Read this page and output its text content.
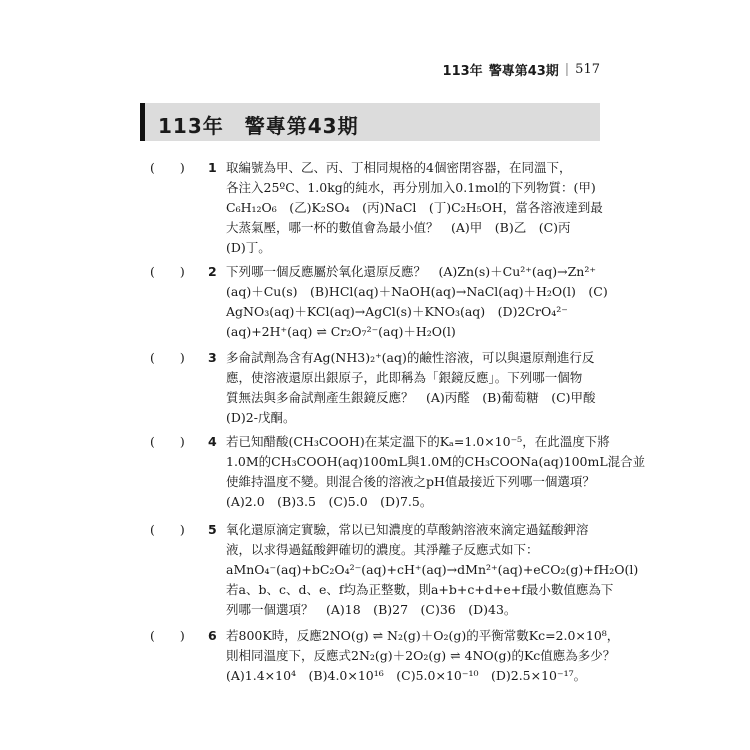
113年 警專第43期 | 517
113年　警專第43期
(　　)	1 取編號為甲、乙、丙、丁相同規格的4個密閉容器，在同溫下，
各注入25ºC、1.0kg的純水，再分別加入0.1mol的下列物質：(甲)
C₆H₁₂O₆　(乙)K₂SO₄　(丙)NaCl　(丁)C₂H₅OH，當各溶液達到最
大蒸氣壓，哪一杯的數值會為最小值？　(A)甲　(B)乙　(C)丙
(D)丁。
(　　)	2 下列哪一個反應屬於氧化還原反應？　(A)Zn(s)＋Cu²⁺(aq)→Zn²⁺
(aq)＋Cu(s)　(B)HCl(aq)＋NaOH(aq)→NaCl(aq)＋H₂O(l)　(C)
AgNO₃(aq)＋KCl(aq)→AgCl(s)＋KNO₃(aq)　(D)2CrO₄²⁻
(aq)+2H⁺(aq) ⇌ Cr₂O₇²⁻(aq)＋H₂O(l)
(　　)	3 多侖試劑為含有Ag(NH3)₂⁺(aq)的鹼性溶液，可以與還原劑進行反
應，使溶液還原出銀原子，此即稱為「銀鏡反應」。下列哪一個物
質無法與多侖試劑產生銀鏡反應？　(A)丙醛　(B)葡萄糖　(C)甲酸
(D)2-戊酮。
(　　)	4 若已知醋酸(CH₃COOH)在某定溫下的Kₐ=1.0×10⁻⁵，在此溫度下將
1.0M的CH₃COOH(aq)100mL與1.0M的CH₃COONa(aq)100mL混合並
使維持溫度不變。則混合後的溶液之pH值最接近下列哪一個選項？
(A)2.0　(B)3.5　(C)5.0　(D)7.5。
(　　)	5 氧化還原滴定實驗，常以已知濃度的草酸鈉溶液來滴定過錳酸鉀溶
液，以求得過錳酸鉀確切的濃度。其淨離子反應式如下：
aMnO₄⁻(aq)+bC₂O₄²⁻(aq)+cH⁺(aq)→dMn²⁺(aq)+eCO₂(g)+fH₂O(l)
若a、b、c、d、e、f均為正整數，則a+b+c+d+e+f最小數值應為下
列哪一個選項？　(A)18　(B)27　(C)36　(D)43。
(　　)	6 若800K時，反應2NO(g) ⇌ N₂(g)＋O₂(g)的平衡常數Kc=2.0×10⁸，
則相同溫度下，反應式2N₂(g)＋2O₂(g) ⇌ 4NO(g)的Kc值應為多少？
(A)1.4×10⁴　(B)4.0×10¹⁶　(C)5.0×10⁻¹⁰　(D)2.5×10⁻¹⁷。
